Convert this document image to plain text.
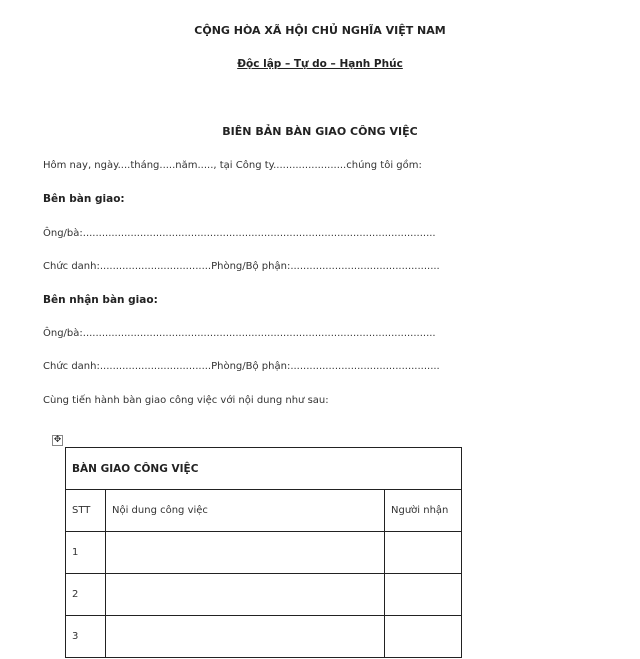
CỘNG HÒA XÃ HỘI CHỦ NGHĨA VIỆT NAM
Độc lập – Tự do – Hạnh Phúc
BIÊN BẢN BÀN GIAO CÔNG VIỆC
Hôm nay, ngày....tháng.....năm....., tại Công ty.......................chúng tôi gồm:
Bên bàn giao:
Ông/bà:...............................................................................................................
Chức danh:...................................Phòng/Bộ phận:...............................................
Bên nhận bàn giao:
Ông/bà:...............................................................................................................
Chức danh:...................................Phòng/Bộ phận:...............................................
Cùng tiến hành bàn giao công việc với nội dung như sau:
✥
BÀN GIAO CÔNG VIỆC		
STT	Nội dung công việc	Người nhận
1		
2		
3		
